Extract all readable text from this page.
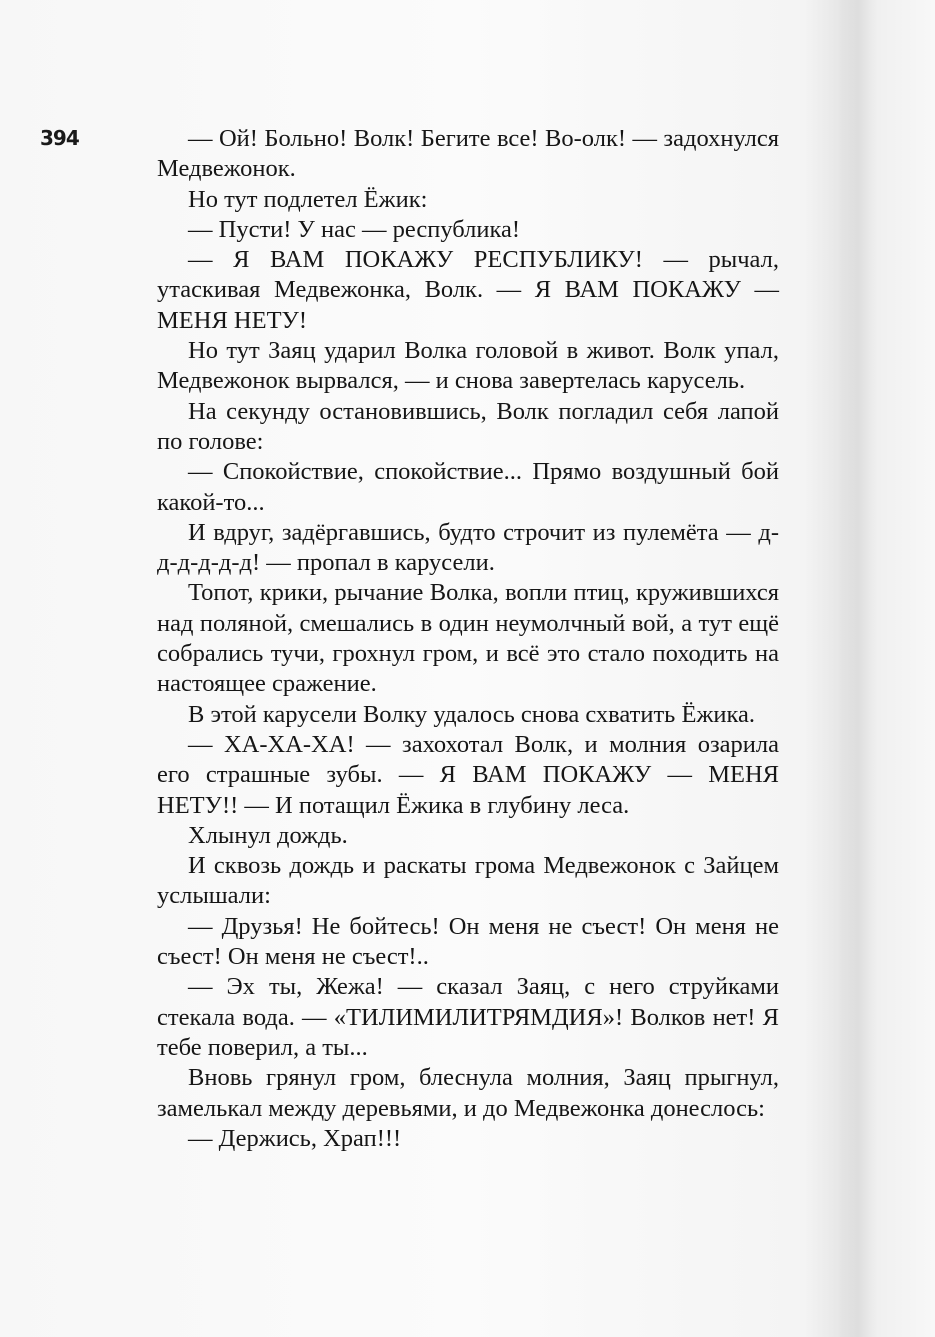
394	— Ой! Больно! Волк! Бегите все! Во-олк! — задохнулся Медвежонок.

Но тут подлетел Ёжик:

— Пусти! У нас — республика!

— Я ВАМ ПОКАЖУ РЕСПУБЛИКУ! — рычал, утаскивая Медвежонка, Волк. — Я ВАМ ПОКАЖУ — МЕНЯ НЕТУ!

Но тут Заяц ударил Волка головой в живот. Волк упал, Медвежонок вырвался, — и снова завертелась карусель.

На секунду остановившись, Волк погладил себя лапой по голове:

— Спокойствие, спокойствие... Прямо воздушный бой какой-то...

И вдруг, задёргавшись, будто строчит из пулемёта — д-д-д-д-д-д! — пропал в карусели.

Топот, крики, рычание Волка, вопли птиц, кружившихся над поляной, смешались в один неумолчный вой, а тут ещё собрались тучи, грохнул гром, и всё это стало походить на настоящее сражение.

В этой карусели Волку удалось снова схватить Ёжика.

— ХА-ХА-ХА! — захохотал Волк, и молния озарила его страшные зубы. — Я ВАМ ПОКАЖУ — МЕНЯ НЕТУ!! — И потащил Ёжика в глубину леса.

Хлынул дождь.

И сквозь дождь и раскаты грома Медвежонок с Зайцем услышали:

— Друзья! Не бойтесь! Он меня не съест! Он меня не съест! Он меня не съест!..

— Эх ты, Жежа! — сказал Заяц, с него струйками стекала вода. — «ТИЛИМИЛИТРЯМДИЯ»! Волков нет! Я тебе поверил, а ты...

Вновь грянул гром, блеснула молния, Заяц прыгнул, замелькал между деревьями, и до Медвежонка донеслось:

— Держись, Храп!!!
